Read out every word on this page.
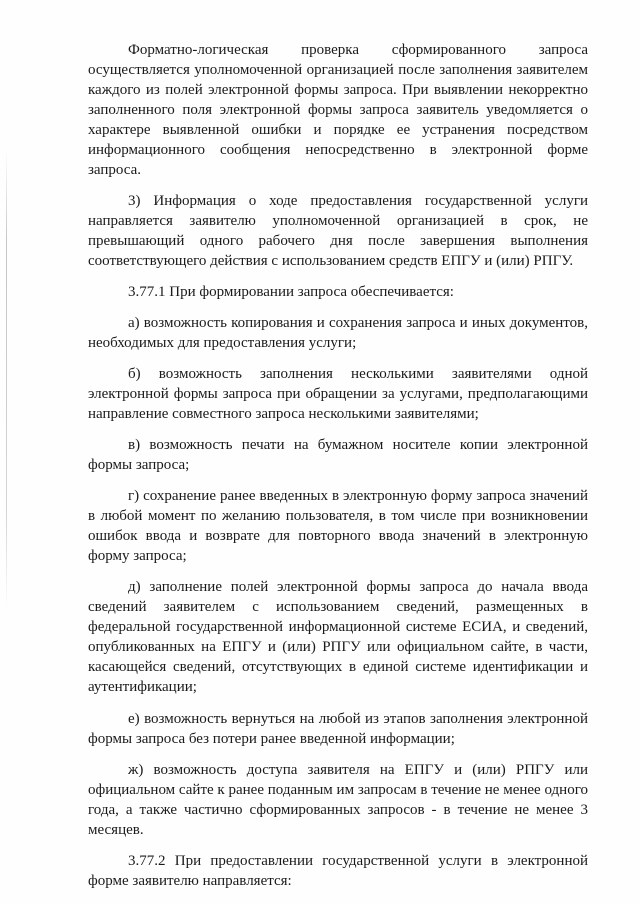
Форматно-логическая проверка сформированного запроса осуществляется уполномоченной организацией после заполнения заявителем каждого из полей электронной формы запроса. При выявлении некорректно заполненного поля электронной формы запроса заявитель уведомляется о характере выявленной ошибки и порядке ее устранения посредством информационного сообщения непосредственно в электронной форме запроса.

3) Информация о ходе предоставления государственной услуги направляется заявителю уполномоченной организацией в срок, не превышающий одного рабочего дня после завершения выполнения соответствующего действия с использованием средств ЕПГУ и (или) РПГУ.

3.77.1 При формировании запроса обеспечивается:

а) возможность копирования и сохранения запроса и иных документов, необходимых для предоставления услуги;

б) возможность заполнения несколькими заявителями одной электронной формы запроса при обращении за услугами, предполагающими направление совместного запроса несколькими заявителями;

в) возможность печати на бумажном носителе копии электронной формы запроса;

г) сохранение ранее введенных в электронную форму запроса значений в любой момент по желанию пользователя, в том числе при возникновении ошибок ввода и возврате для повторного ввода значений в электронную форму запроса;

д) заполнение полей электронной формы запроса до начала ввода сведений заявителем с использованием сведений, размещенных в федеральной государственной информационной системе ЕСИА, и сведений, опубликованных на ЕПГУ и (или) РПГУ или официальном сайте, в части, касающейся сведений, отсутствующих в единой системе идентификации и аутентификации;

е) возможность вернуться на любой из этапов заполнения электронной формы запроса без потери ранее введенной информации;

ж) возможность доступа заявителя на ЕПГУ и (или) РПГУ или официальном сайте к ранее поданным им запросам в течение не менее одного года, а также частично сформированных запросов - в течение не менее 3 месяцев.

3.77.2 При предоставлении государственной услуги в электронной форме заявителю направляется:
